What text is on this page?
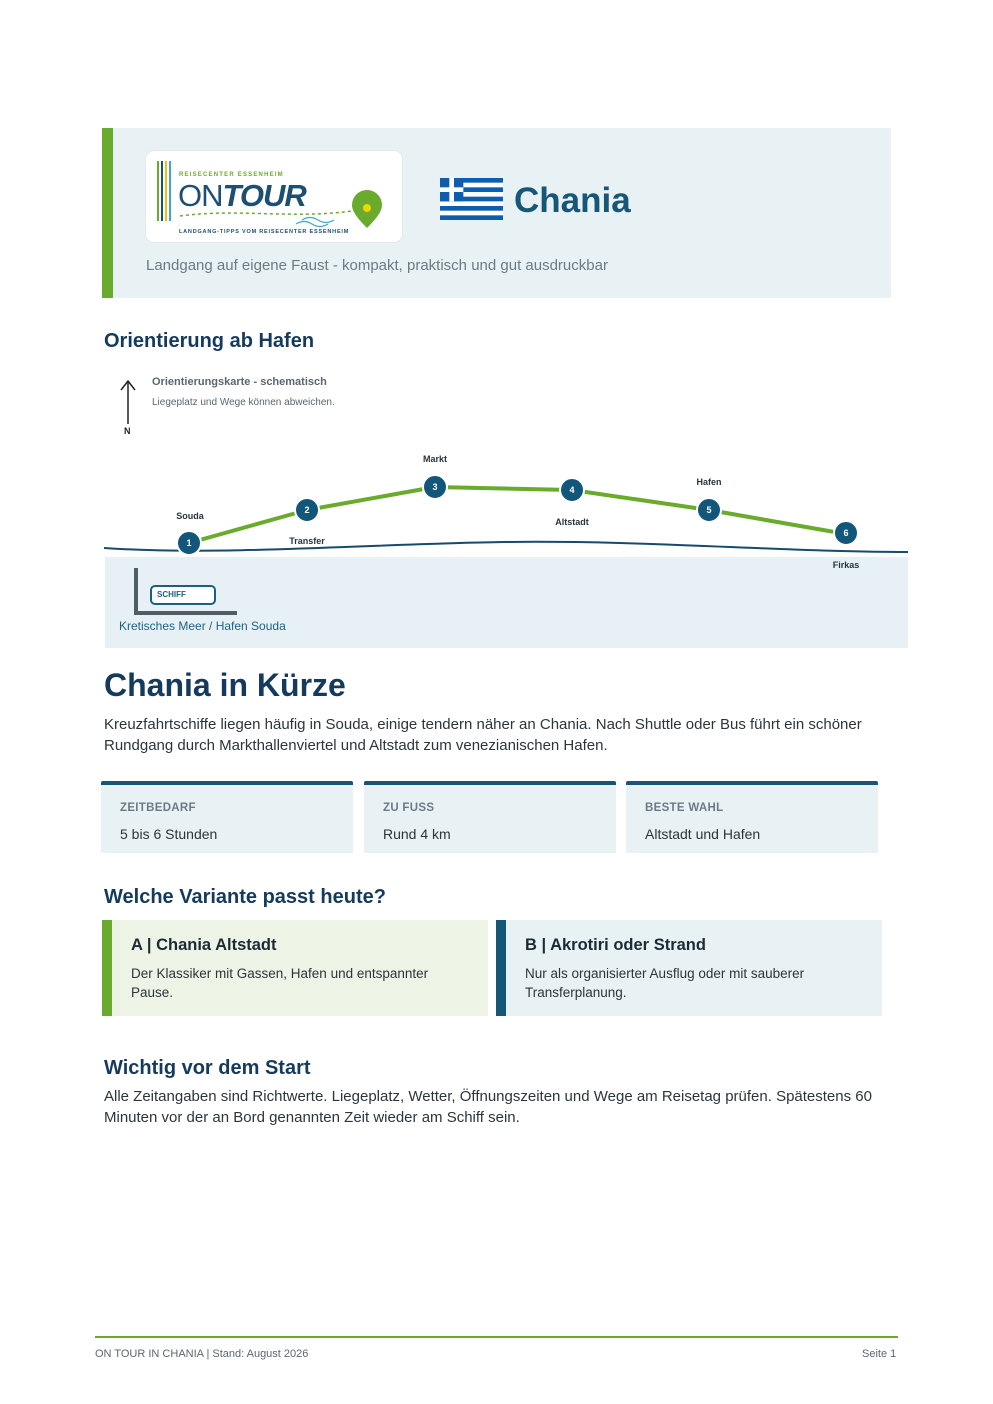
REISECENTER ESSENHEIM
ONTOUR
LANDGANG-TIPPS VOM REISECENTER ESSENHEIM
Chania
Landgang auf eigene Faust - kompakt, praktisch und gut ausdruckbar
Orientierung ab Hafen
N
Orientierungskarte - schematisch
Liegeplatz und Wege können abweichen.
1
Souda
2
Transfer
3
Markt
4
Altstadt
5
Hafen
6
Firkas
SCHIFF
Kretisches Meer / Hafen Souda
Chania in Kürze
Kreuzfahrtschiffe liegen häufig in Souda, einige tendern näher an Chania. Nach Shuttle oder Bus führt ein schöner Rundgang durch Markthallenviertel und Altstadt zum venezianischen Hafen.
ZEITBEDARF
5 bis 6 Stunden
ZU FUSS
Rund 4 km
BESTE WAHL
Altstadt und Hafen
Welche Variante passt heute?
A | Chania Altstadt
Der Klassiker mit Gassen, Hafen und entspannter Pause.
B | Akrotiri oder Strand
Nur als organisierter Ausflug oder mit sauberer Transferplanung.
Wichtig vor dem Start
Alle Zeitangaben sind Richtwerte. Liegeplatz, Wetter, Öffnungszeiten und Wege am Reisetag prüfen. Spätestens 60 Minuten vor der an Bord genannten Zeit wieder am Schiff sein.
ON TOUR IN CHANIA | Stand: August 2026	Seite 1
